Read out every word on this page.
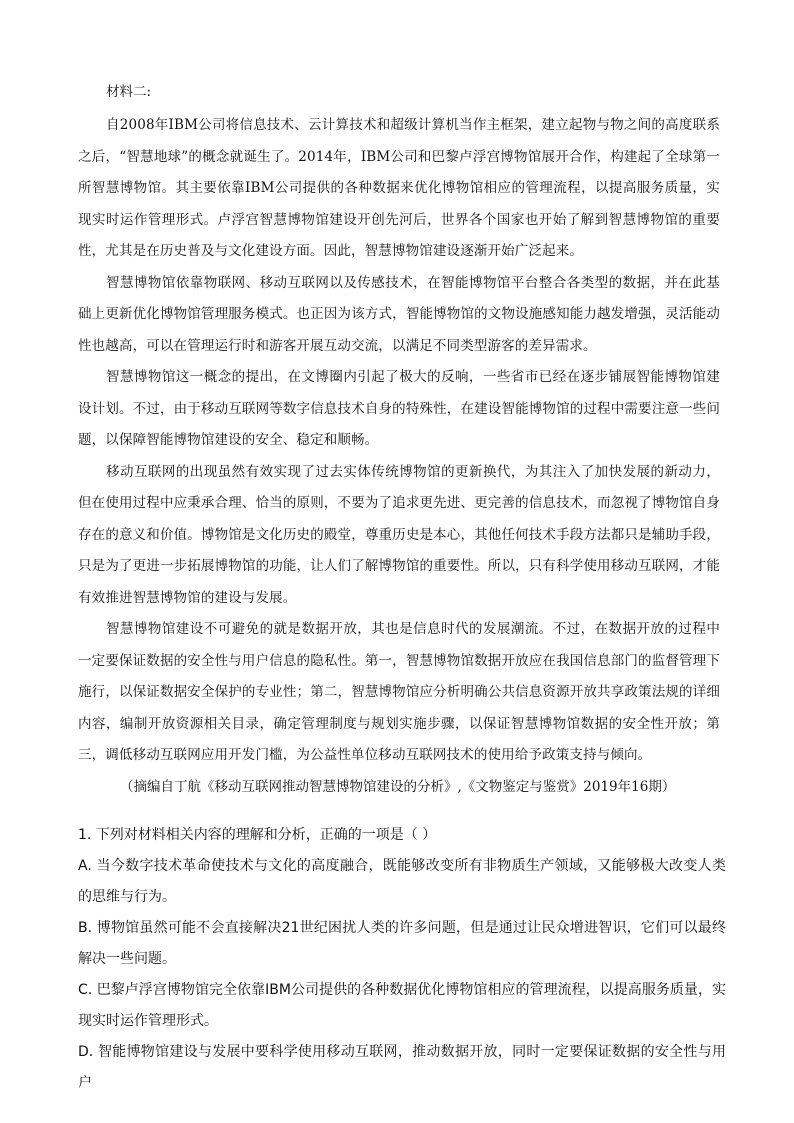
材料二:

自2008年IBM公司将信息技术、云计算技术和超级计算机当作主框架，建立起物与物之间的高度联系之后，“智慧地球”的概念就诞生了。2014年，IBM公司和巴黎卢浮宫博物馆展开合作，构建起了全球第一所智慧博物馆。其主要依靠IBM公司提供的各种数据来优化博物馆相应的管理流程，以提高服务质量，实现实时运作管理形式。卢浮宫智慧博物馆建设开创先河后，世界各个国家也开始了解到智慧博物馆的重要性，尤其是在历史普及与文化建设方面。因此，智慧博物馆建设逐渐开始广泛起来。

智慧博物馆依靠物联网、移动互联网以及传感技术，在智能博物馆平台整合各类型的数据，并在此基础上更新优化博物馆管理服务模式。也正因为该方式，智能博物馆的文物设施感知能力越发增强，灵活能动性也越高，可以在管理运行时和游客开展互动交流，以满足不同类型游客的差异需求。

智慧博物馆这一概念的提出，在文博圈内引起了极大的反响，一些省市已经在逐步铺展智能博物馆建设计划。不过，由于移动互联网等数字信息技术自身的特殊性，在建设智能博物馆的过程中需要注意一些问题，以保障智能博物馆建设的安全、稳定和顺畅。

移动互联网的出现虽然有效实现了过去实体传统博物馆的更新换代，为其注入了加快发展的新动力，但在使用过程中应秉承合理、恰当的原则，不要为了追求更先进、更完善的信息技术，而忽视了博物馆自身存在的意义和价值。博物馆是文化历史的殿堂，尊重历史是本心，其他任何技术手段方法都只是辅助手段，只是为了更进一步拓展博物馆的功能，让人们了解博物馆的重要性。所以，只有科学使用移动互联网，才能有效推进智慧博物馆的建设与发展。

智慧博物馆建设不可避免的就是数据开放，其也是信息时代的发展潮流。不过，在数据开放的过程中一定要保证数据的安全性与用户信息的隐私性。第一，智慧博物馆数据开放应在我国信息部门的监督管理下施行，以保证数据安全保护的专业性；第二，智慧博物馆应分析明确公共信息资源开放共享政策法规的详细内容，编制开放资源相关目录，确定管理制度与规划实施步骤，以保证智慧博物馆数据的安全性开放；第三，调低移动互联网应用开发门槛，为公益性单位移动互联网技术的使用给予政策支持与倾向。

（摘编自丁航《移动互联网推动智慧博物馆建设的分析》,《文物鉴定与鉴赏》2019年16期）

1. 下列对材料相关内容的理解和分析，正确的一项是（ ）

A. 当今数字技术革命使技术与文化的高度融合，既能够改变所有非物质生产领域，又能够极大改变人类的思维与行为。

B. 博物馆虽然可能不会直接解决21世纪困扰人类的许多问题，但是通过让民众增进智识，它们可以最终解决一些问题。

C. 巴黎卢浮宫博物馆完全依靠IBM公司提供的各种数据优化博物馆相应的管理流程，以提高服务质量，实现实时运作管理形式。

D. 智能博物馆建设与发展中要科学使用移动互联网，推动数据开放，同时一定要保证数据的安全性与用户
